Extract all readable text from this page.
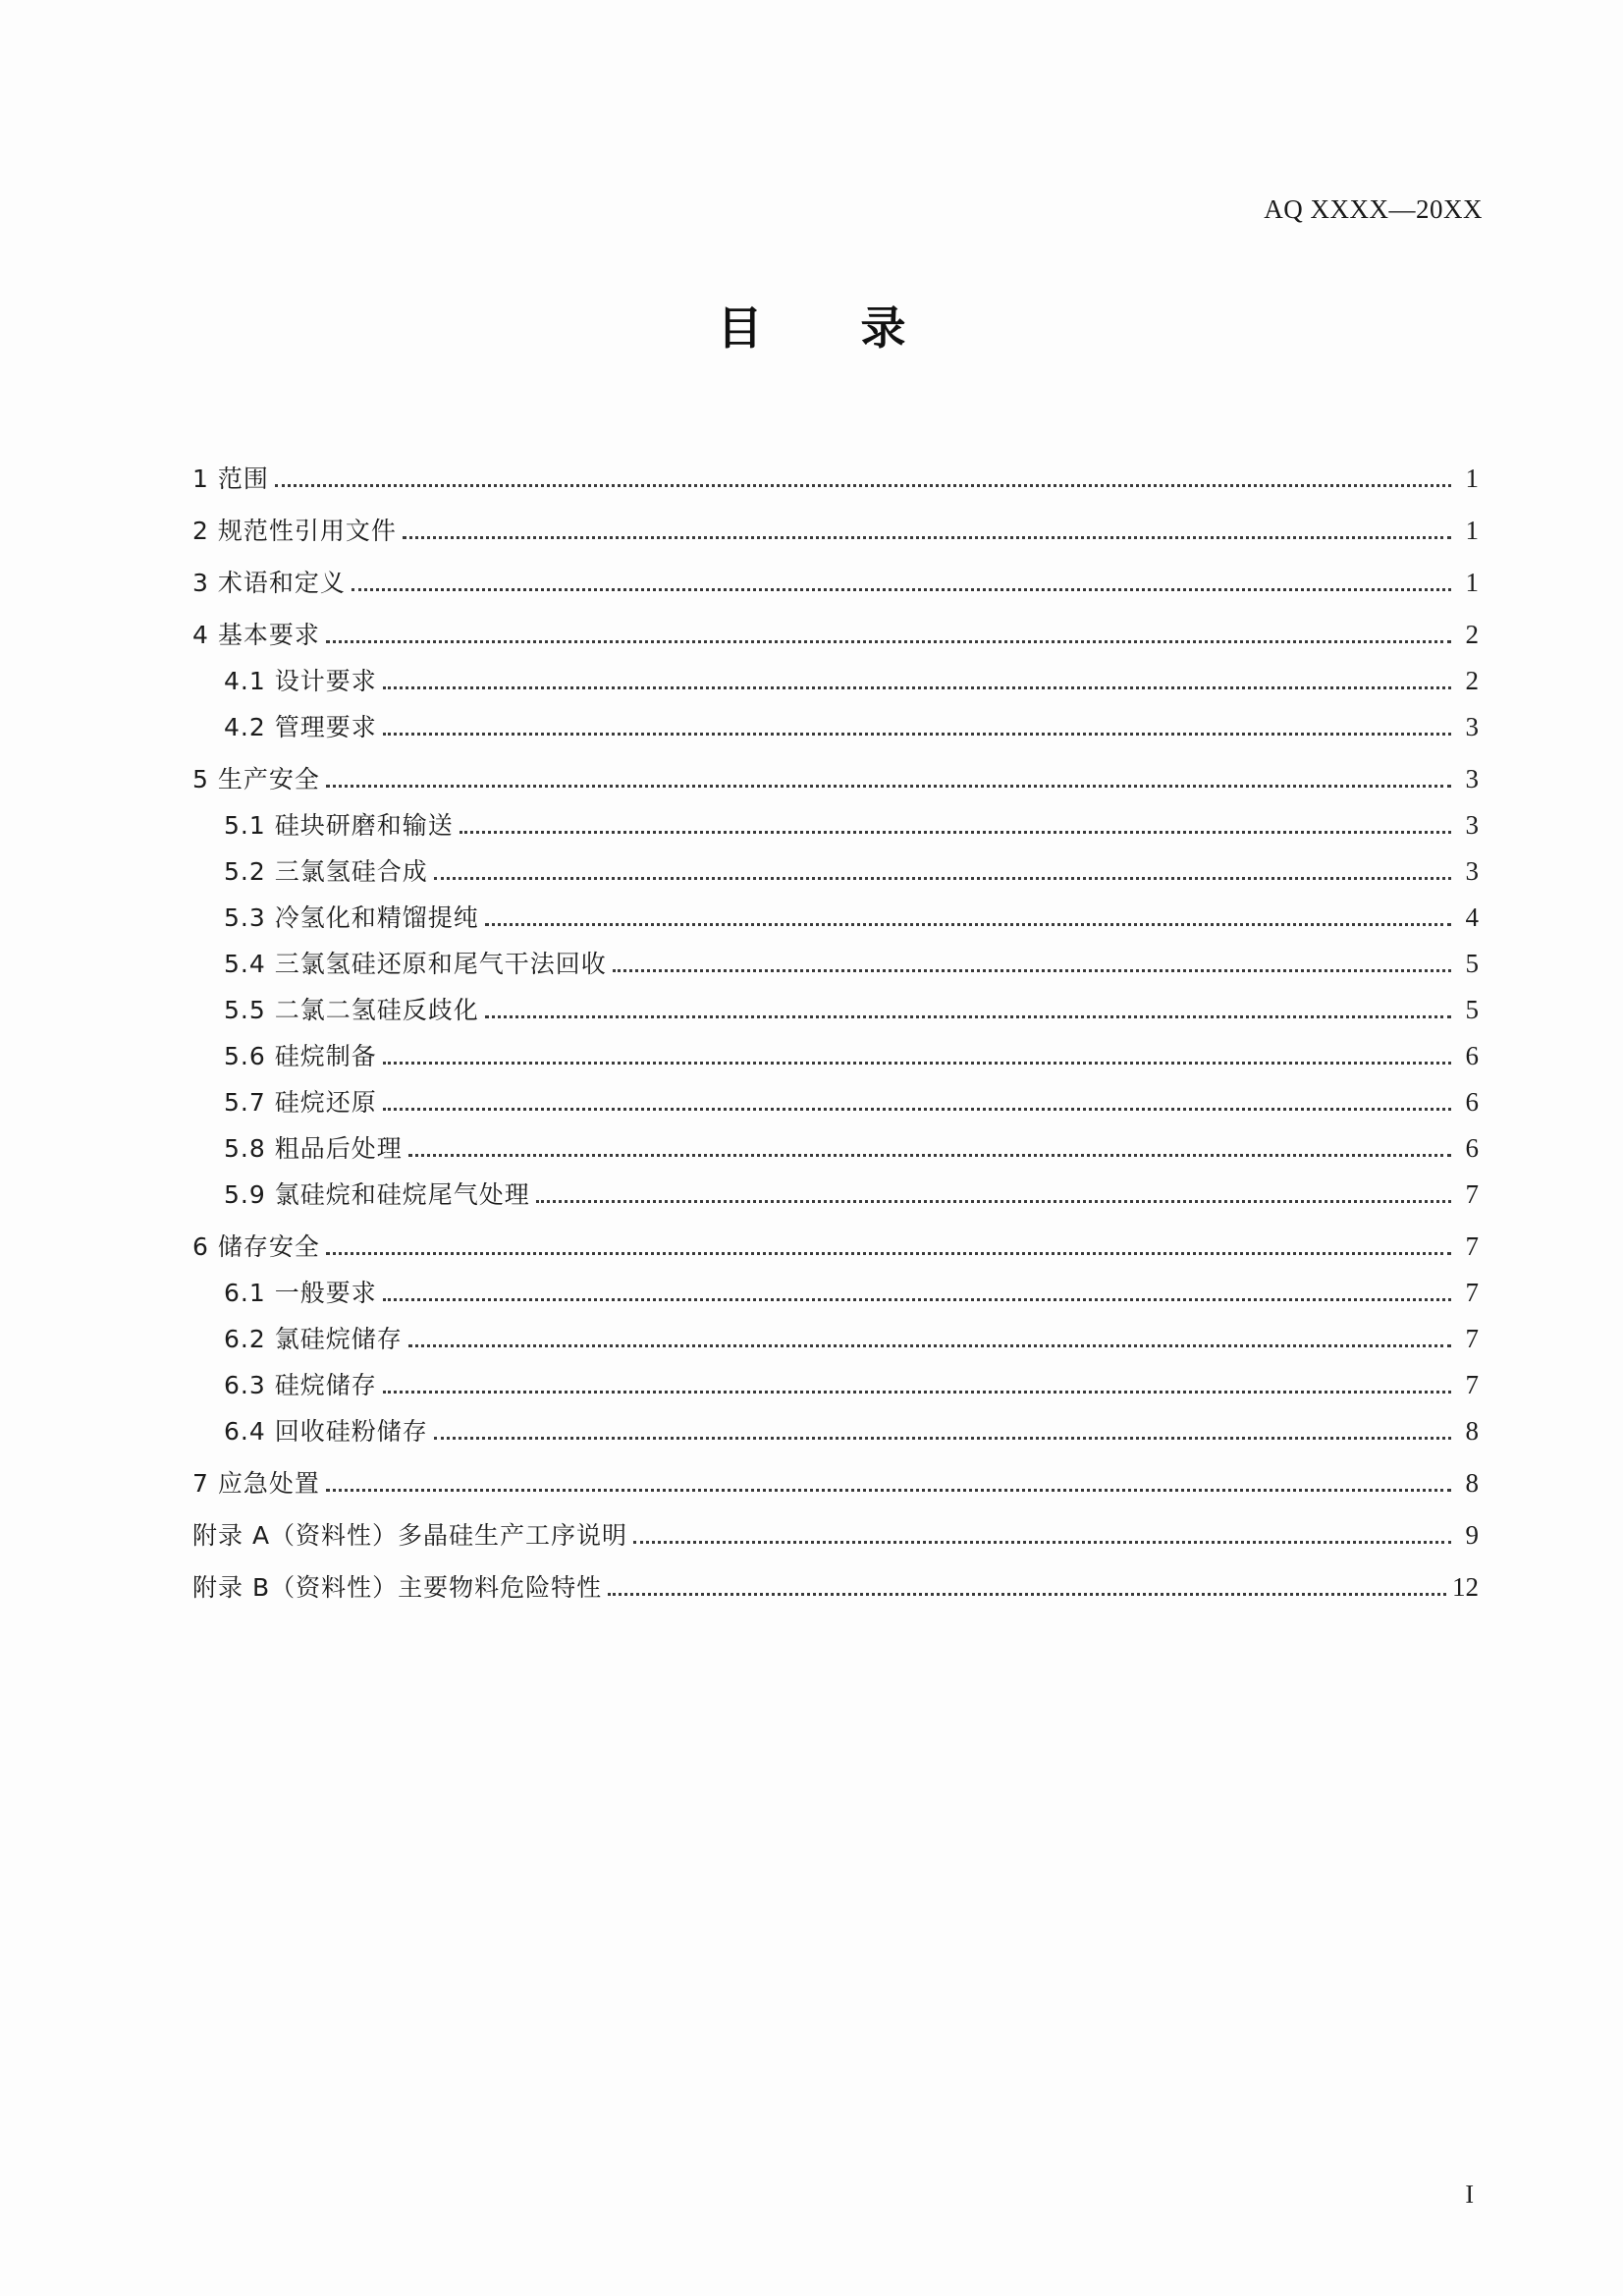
AQ XXXX—20XX
目 录
1 范围	1
2 规范性引用文件	1
3 术语和定义	1
4 基本要求	2
4.1 设计要求	2
4.2 管理要求	3
5 生产安全	3
5.1 硅块研磨和输送	3
5.2 三氯氢硅合成	3
5.3 冷氢化和精馏提纯	4
5.4 三氯氢硅还原和尾气干法回收	5
5.5 二氯二氢硅反歧化	5
5.6 硅烷制备	6
5.7 硅烷还原	6
5.8 粗品后处理	6
5.9 氯硅烷和硅烷尾气处理	7
6 储存安全	7
6.1 一般要求	7
6.2 氯硅烷储存	7
6.3 硅烷储存	7
6.4 回收硅粉储存	8
7 应急处置	8
附录 A（资料性）多晶硅生产工序说明	9
附录 B（资料性）主要物料危险特性	12
I
